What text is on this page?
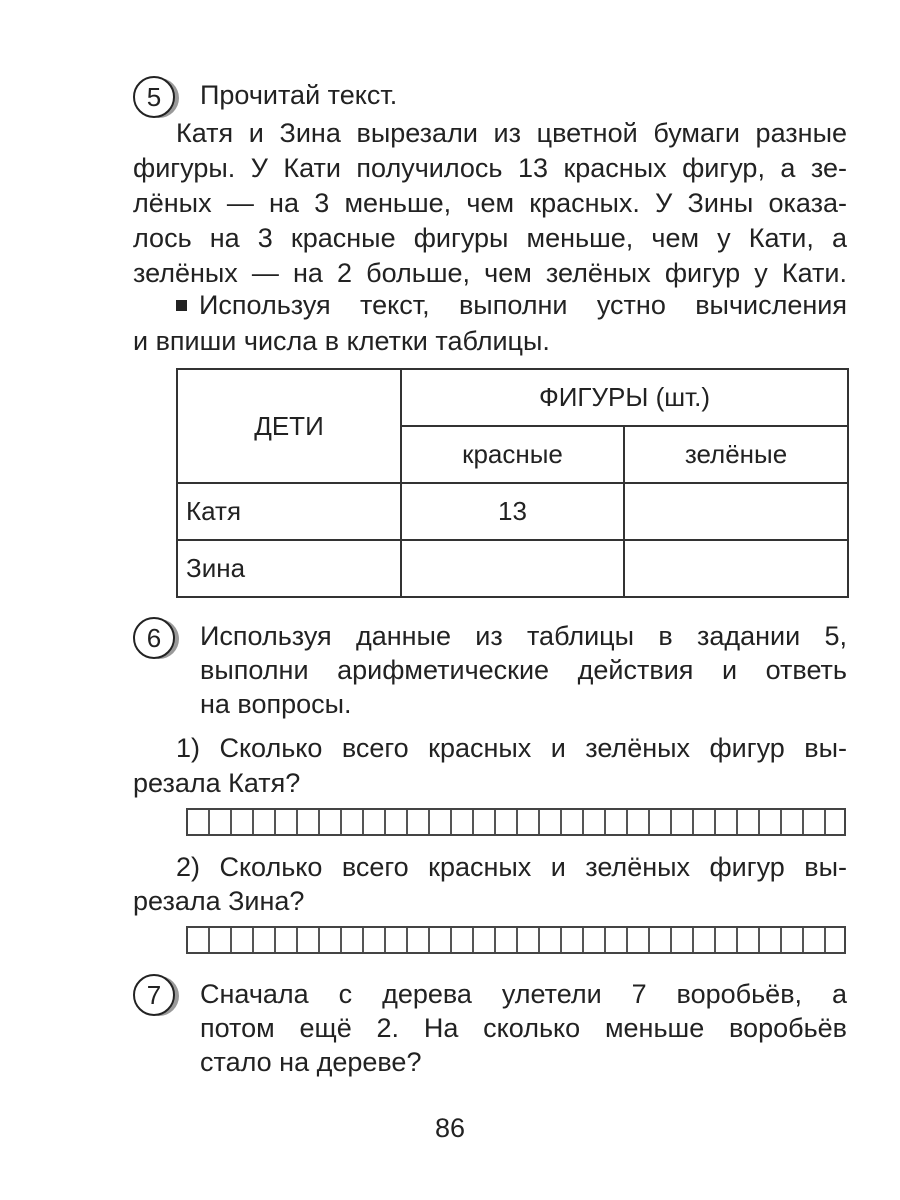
5	Прочитай текст.
Катя и Зина вырезали из цветной бумаги разные
фигуры. У Кати получилось 13 красных фигур, а зе-
лёных — на 3 меньше, чем красных. У Зины оказа-
лось на 3 красные фигуры меньше, чем у Кати, а
зелёных — на 2 больше, чем зелёных фигур у Кати.
Используя текст, выполни устно вычисления
и впиши числа в клетки таблицы.
ДЕТИ	ФИГУРЫ (шт.)	
	красные	зелёные
Катя	13	
Зина		
6	Используя данные из таблицы в задании 5,
выполни арифметические действия и ответь
на вопросы.
1) Сколько всего красных и зелёных фигур вы-
резала Катя?
2) Сколько всего красных и зелёных фигур вы-
резала Зина?
7	Сначала с дерева улетели 7 воробьёв, а
потом ещё 2. На сколько меньше воробьёв
стало на дереве?
86
